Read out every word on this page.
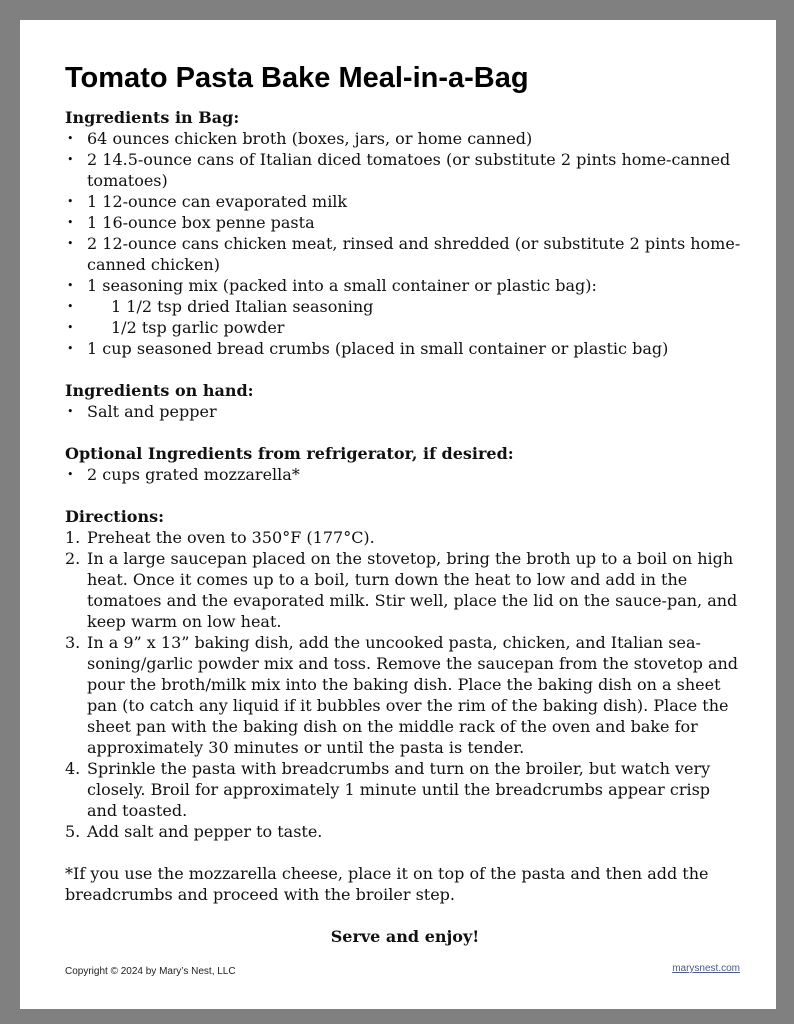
Tomato Pasta Bake Meal-in-a-Bag
Ingredients in Bag:
• 64 ounces chicken broth (boxes, jars, or home canned)
• 2 14.5-ounce cans of Italian diced tomatoes (or substitute 2 pints home-canned tomatoes)
• 1 12-ounce can evaporated milk
• 1 16-ounce box penne pasta
• 2 12-ounce cans chicken meat, rinsed and shredded (or substitute 2 pints home-canned chicken)
• 1 seasoning mix (packed into a small container or plastic bag):
• 1 1/2 tsp dried Italian seasoning
• 1/2 tsp garlic powder
• 1 cup seasoned bread crumbs (placed in small container or plastic bag)
Ingredients on hand:
• Salt and pepper
Optional Ingredients from refrigerator, if desired:
• 2 cups grated mozzarella*
Directions:
1. Preheat the oven to 350°F (177°C).
2. In a large saucepan placed on the stovetop, bring the broth up to a boil on high heat. Once it comes up to a boil, turn down the heat to low and add in the tomatoes and the evaporated milk. Stir well, place the lid on the sauce-pan, and keep warm on low heat.
3. In a 9” x 13” baking dish, add the uncooked pasta, chicken, and Italian sea-soning/garlic powder mix and toss. Remove the saucepan from the stovetop and pour the broth/milk mix into the baking dish. Place the baking dish on a sheet pan (to catch any liquid if it bubbles over the rim of the baking dish). Place the sheet pan with the baking dish on the middle rack of the oven and bake for approximately 30 minutes or until the pasta is tender.
4. Sprinkle the pasta with breadcrumbs and turn on the broiler, but watch very closely. Broil for approximately 1 minute until the breadcrumbs appear crisp and toasted.
5. Add salt and pepper to taste.

*If you use the mozzarella cheese, place it on top of the pasta and then add the breadcrumbs and proceed with the broiler step.

Serve and enjoy!

Copyright © 2024 by Mary’s Nest, LLC	marysnest.com
